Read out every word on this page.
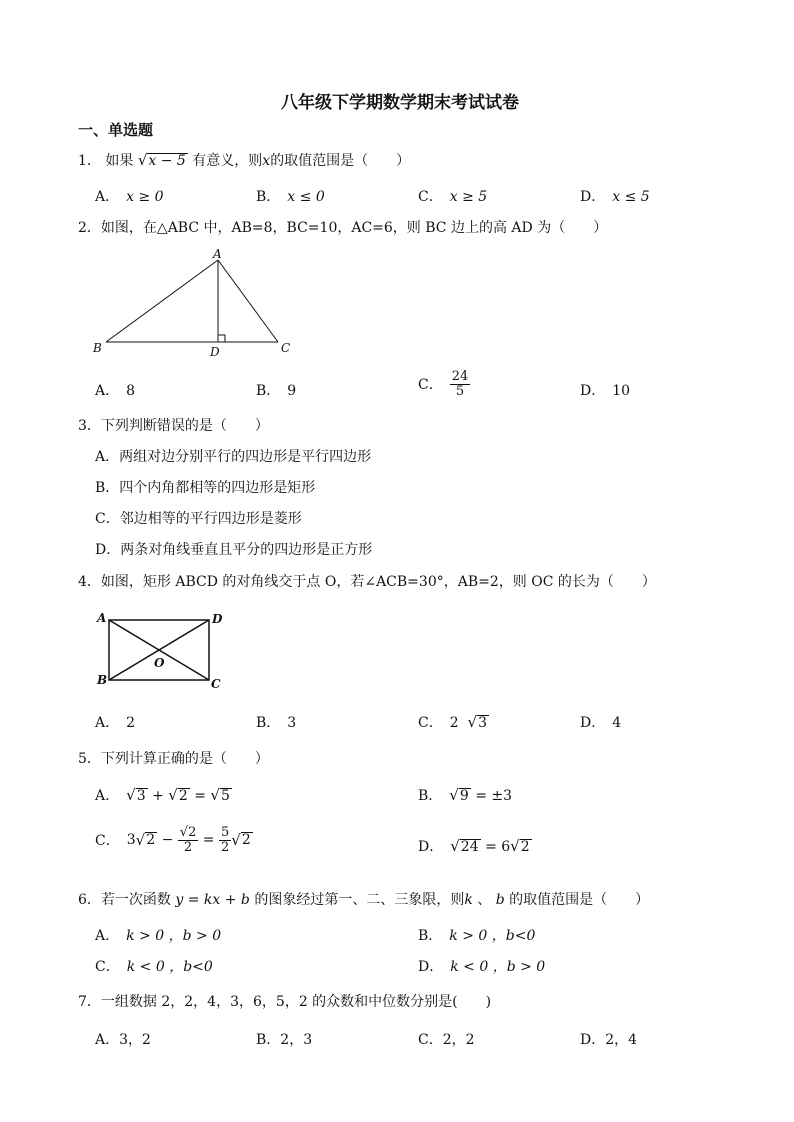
八年级下学期数学期末考试试卷
一、单选题
1． 如果 √x − 5 有意义，则x的取值范围是（　　）
A．　 x ≥ 0	B．　 x ≤ 0	C．　 x ≥ 5	D．　 x ≤ 5
2．如图，在△ABC 中，AB=8，BC=10，AC=6，则 BC 边上的高 AD 为（　　）
A
B	C
D
A．　 8	B．　 9	C．　 $\frac{24}{5}$	D．　 10
3．下列判断错误的是（　　）
A．两组对边分别平行的四边形是平行四边形
B．四个内角都相等的四边形是矩形
C．邻边相等的平行四边形是菱形
D．两条对角线垂直且平分的四边形是正方形
4．如图，矩形 ABCD 的对角线交于点 O，若∠ACB=30°，AB=2，则 OC 的长为（　　）
A	D
B	C
O
A．　 2	B．　 3	C．　 2 √3	D．　 4
5．下列计算正确的是（　　）
A．　 √3 + √2 = √5	B．　 √9 = ±3
C．　 $3√2 - \frac{√2}{2} = \frac{5}{2} √2$	D．　 √24 = 6√2
6．若一次函数 y = kx + b 的图象经过第一、二、三象限，则k 、 b 的取值范围是（　　）
A．　 k > 0 ，b > 0	B．　 k > 0 ，b<0
C．　 k < 0 ，b<0	D．　 k < 0 ，b > 0
7．一组数据 2，2，4，3，6，5，2 的众数和中位数分别是(　　)
A．3，2	B．2，3	C．2，2	D．2，4
